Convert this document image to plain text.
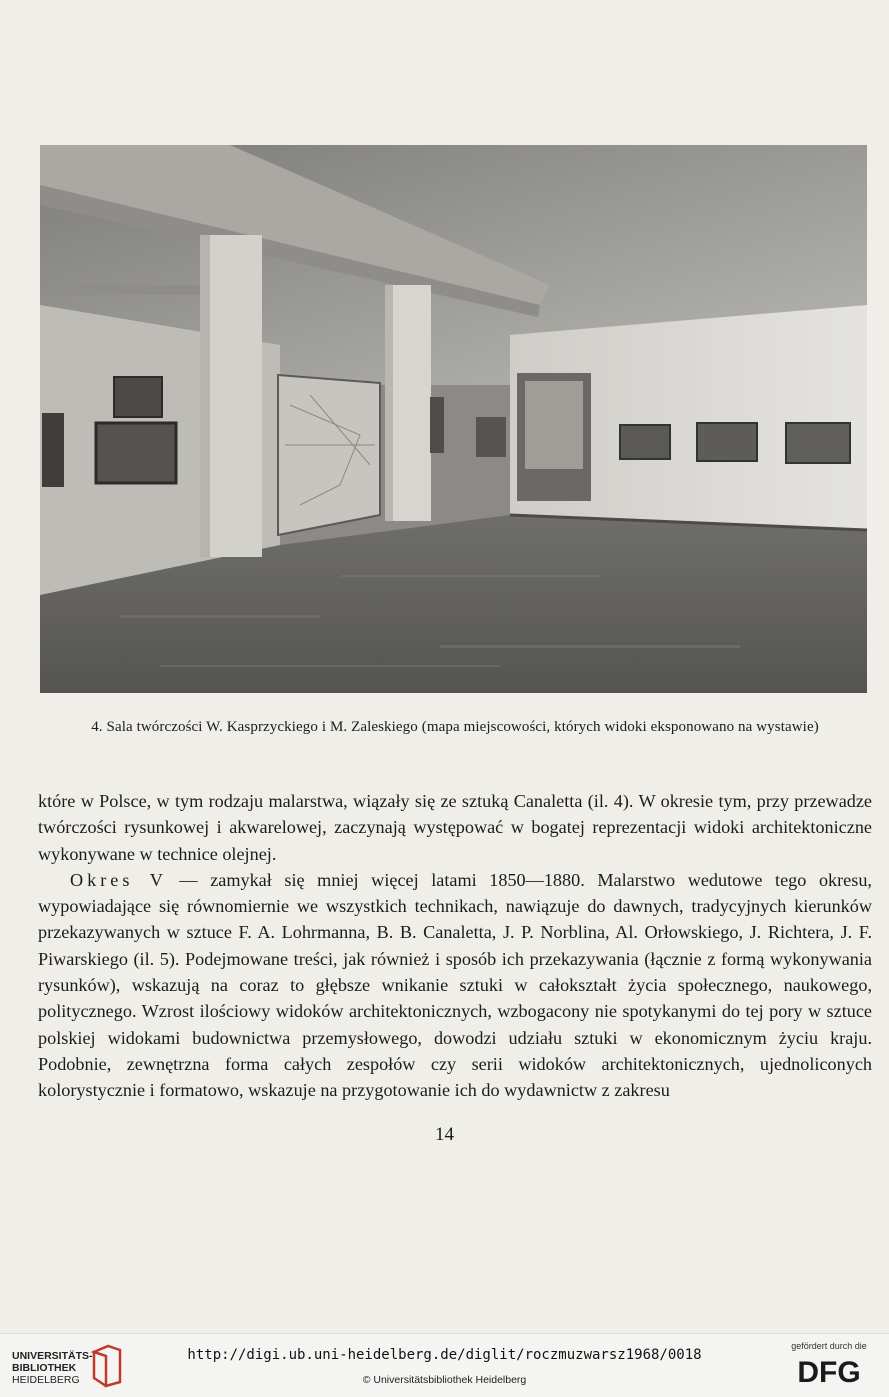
4. Sala twórczości W. Kasprzyckiego i M. Zaleskiego (mapa miejscowości, których widoki eksponowano na wystawie)

które w Polsce, w tym rodzaju malarstwa, wiązały się ze sztuką Canaletta (il. 4). W okresie tym, przy przewadze twórczości rysunkowej i akwarelowej, zaczynają występować w bogatej reprezentacji widoki architektoniczne wykonywane w technice olejnej.

Okres V — zamykał się mniej więcej latami 1850—1880. Malarstwo wedutowe tego okresu, wypowiadające się równomiernie we wszystkich technikach, nawiązuje do dawnych, tradycyjnych kierunków przekazywanych w sztuce F. A. Lohrmanna, B. B. Canaletta, J. P. Norblina, Al. Orłowskiego, J. Richtera, J. F. Piwarskiego (il. 5). Podejmowane treści, jak również i sposób ich przekazywania (łącznie z formą wykonywania rysunków), wskazują na coraz to głębsze wnikanie sztuki w całokształt życia społecznego, naukowego, politycznego. Wzrost ilościowy widoków architektonicznych, wzbogacony nie spotykanymi do tej pory w sztuce polskiej widokami budownictwa przemysłowego, dowodzi udziału sztuki w ekonomicznym życiu kraju. Podobnie, zewnętrzna forma całych zespołów czy serii widoków architektonicznych, ujednoliconych kolorystycznie i formatowo, wskazuje na przygotowanie ich do wydawnictw z zakresu

14
UNIVERSITÄTS-
BIBLIOTHEK
HEIDELBERG
http://digi.ub.uni-heidelberg.de/diglit/roczmuzwarsz1968/0018
© Universitätsbibliothek Heidelberg
gefördert durch die
DFG
